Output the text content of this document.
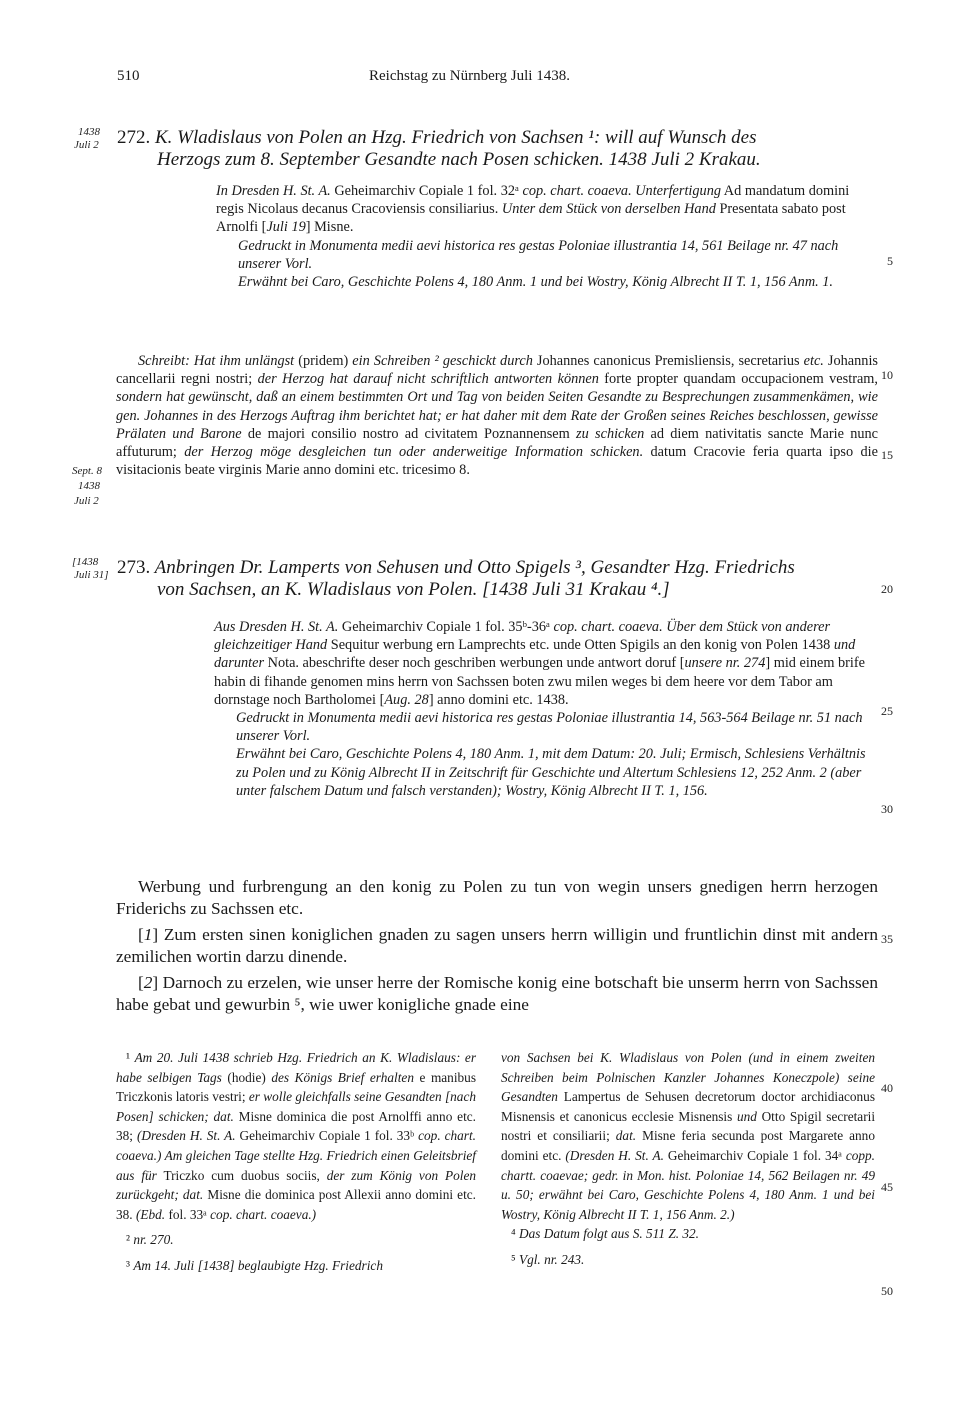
510	Reichstag zu Nürnberg Juli 1438.
1438
Juli 2
Sept. 8
1438
Juli 2
[1438
Juli 31]
5
10
15
20
25
30
35
40
45
50
272. K. Wladislaus von Polen an Hzg. Friedrich von Sachsen ¹: will auf Wunsch des
Herzogs zum 8. September Gesandte nach Posen schicken. 1438 Juli 2 Krakau.

In Dresden H. St. A. Geheimarchiv Copiale 1 fol. 32ᵃ cop. chart. coaeva. Unterfertigung Ad mandatum domini regis Nicolaus decanus Cracoviensis consiliarius. Unter dem Stück von derselben Hand Presentata sabato post Arnolfi [Juli 19] Misne.

Gedruckt in Monumenta medii aevi historica res gestas Poloniae illustrantia 14, 561 Beilage nr. 47 nach unserer Vorl.

Erwähnt bei Caro, Geschichte Polens 4, 180 Anm. 1 und bei Wostry, König Albrecht II T. 1, 156 Anm. 1.

Schreibt: Hat ihm unlängst (pridem) ein Schreiben ² geschickt durch Johannes canonicus Premisliensis, secretarius etc. Johannis cancellarii regni nostri; der Herzog hat darauf nicht schriftlich antworten können forte propter quandam occupacionem vestram, sondern hat gewünscht, daß an einem bestimmten Ort und Tag von beiden Seiten Gesandte zu Besprechungen zusammenkämen, wie gen. Johannes in des Herzogs Auftrag ihm berichtet hat; er hat daher mit dem Rate der Großen seines Reiches beschlossen, gewisse Prälaten und Barone de majori consilio nostro ad civitatem Poznannensem zu schicken ad diem nativitatis sancte Marie nunc affuturum; der Herzog möge desgleichen tun oder anderweitige Information schicken. datum Cracovie feria quarta ipso die visitacionis beate virginis Marie anno domini etc. tricesimo 8.

273. Anbringen Dr. Lamperts von Sehusen und Otto Spigels ³, Gesandter Hzg. Friedrichs
von Sachsen, an K. Wladislaus von Polen. [1438 Juli 31 Krakau ⁴.]

Aus Dresden H. St. A. Geheimarchiv Copiale 1 fol. 35ᵇ-36ᵃ cop. chart. coaeva. Über dem Stück von anderer gleichzeitiger Hand Sequitur werbung ern Lamprechts etc. unde Otten Spigils an den konig von Polen 1438 und darunter Nota. abeschrifte deser noch geschriben werbungen unde antwort doruf [unsere nr. 274] mid einem brife habin di fihande genomen mins herrn von Sachssen boten zwu milen weges bi dem heere vor dem Tabor am dornstage noch Bartholomei [Aug. 28] anno domini etc. 1438.

Gedruckt in Monumenta medii aevi historica res gestas Poloniae illustrantia 14, 563-564 Beilage nr. 51 nach unserer Vorl.

Erwähnt bei Caro, Geschichte Polens 4, 180 Anm. 1, mit dem Datum: 20. Juli; Ermisch, Schlesiens Verhältnis zu Polen und zu König Albrecht II in Zeitschrift für Geschichte und Altertum Schlesiens 12, 252 Anm. 2 (aber unter falschem Datum und falsch verstanden); Wostry, König Albrecht II T. 1, 156.

Werbung und furbrengung an den konig zu Polen zu tun von wegin unsers gnedigen herrn herzogen Friderichs zu Sachssen etc.

[1] Zum ersten sinen koniglichen gnaden zu sagen unsers herrn willigin und fruntlichin dinst mit andern zemilichen wortin darzu dinende.

[2] Darnoch zu erzelen, wie unser herre der Romische konig eine botschaft bie unserm herrn von Sachssen habe gebat und gewurbin ⁵, wie uwer konigliche gnade eine

¹ Am 20. Juli 1438 schrieb Hzg. Friedrich an K. Wladislaus: er habe selbigen Tags (hodie) des Königs Brief erhalten e manibus Triczkonis latoris vestri; er wolle gleichfalls seine Gesandten [nach Posen] schicken; dat. Misne dominica die post Arnolffi anno etc. 38; (Dresden H. St. A. Geheimarchiv Copiale 1 fol. 33ᵇ cop. chart. coaeva.) Am gleichen Tage stellte Hzg. Friedrich einen Geleitsbrief aus für Triczko cum duobus sociis, der zum König von Polen zurückgeht; dat. Misne die dominica post Allexii anno domini etc. 38. (Ebd. fol. 33ᵃ cop. chart. coaeva.)

² nr. 270.

³ Am 14. Juli [1438] beglaubigte Hzg. Friedrich

von Sachsen bei K. Wladislaus von Polen (und in einem zweiten Schreiben beim Polnischen Kanzler Johannes Koneczpole) seine Gesandten Lampertus de Sehusen decretorum doctor archidiaconus Misnensis et canonicus ecclesie Misnensis und Otto Spigil secretarii nostri et consiliarii; dat. Misne feria secunda post Margarete anno domini etc. (Dresden H. St. A. Geheimarchiv Copiale 1 fol. 34ᵃ copp. chartt. coaevae; gedr. in Mon. hist. Poloniae 14, 562 Beilagen nr. 49 u. 50; erwähnt bei Caro, Geschichte Polens 4, 180 Anm. 1 und bei Wostry, König Albrecht II T. 1, 156 Anm. 2.)

⁴ Das Datum folgt aus S. 511 Z. 32.

⁵ Vgl. nr. 243.
